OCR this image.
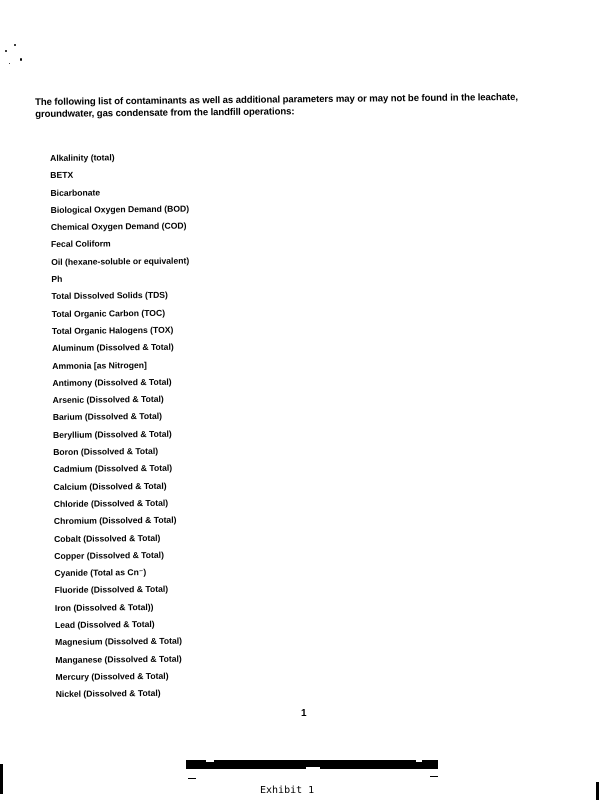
The following list of contaminants as well as additional parameters may or may not be found in the leachate, groundwater, gas condensate from the landfill operations:

Alkalinity (total)
BETX
Bicarbonate
Biological Oxygen Demand (BOD)
Chemical Oxygen Demand (COD)
Fecal Coliform
Oil (hexane-soluble or equivalent)
Ph
Total Dissolved Solids (TDS)
Total Organic Carbon (TOC)
Total Organic Halogens (TOX)
Aluminum (Dissolved & Total)
Ammonia [as Nitrogen]
Antimony (Dissolved & Total)
Arsenic (Dissolved & Total)
Barium (Dissolved & Total)
Beryllium (Dissolved & Total)
Boron (Dissolved & Total)
Cadmium (Dissolved & Total)
Calcium (Dissolved & Total)
Chloride (Dissolved & Total)
Chromium (Dissolved & Total)
Cobalt (Dissolved & Total)
Copper (Dissolved & Total)
Cyanide (Total as Cn⁻)
Fluoride (Dissolved & Total)
Iron (Dissolved & Total))
Lead (Dissolved & Total)
Magnesium (Dissolved & Total)
Manganese (Dissolved & Total)
Mercury (Dissolved & Total)
Nickel (Dissolved & Total)

1

Exhibit 1
